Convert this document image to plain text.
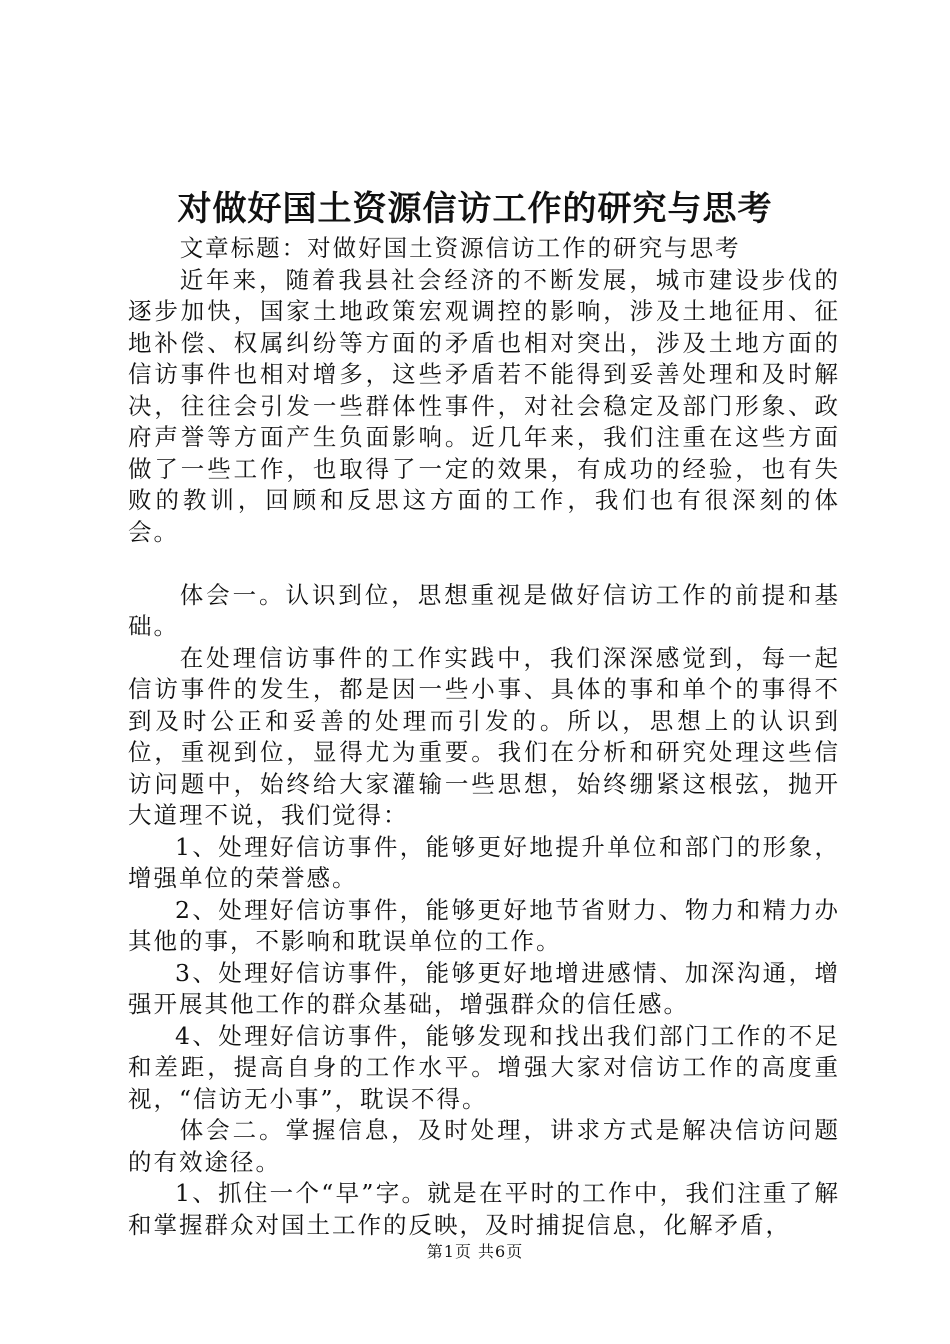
对做好国土资源信访工作的研究与思考

文章标题：对做好国土资源信访工作的研究与思考

近年来，随着我县社会经济的不断发展，城市建设步伐的逐步加快，国家土地政策宏观调控的影响，涉及土地征用、征地补偿、权属纠纷等方面的矛盾也相对突出，涉及土地方面的信访事件也相对增多，这些矛盾若不能得到妥善处理和及时解决，往往会引发一些群体性事件，对社会稳定及部门形象、政府声誉等方面产生负面影响。近几年来，我们注重在这些方面做了一些工作，也取得了一定的效果，有成功的经验，也有失败的教训，回顾和反思这方面的工作，我们也有很深刻的体会。

体会一。认识到位，思想重视是做好信访工作的前提和基础。

在处理信访事件的工作实践中，我们深深感觉到，每一起信访事件的发生，都是因一些小事、具体的事和单个的事得不到及时公正和妥善的处理而引发的。所以，思想上的认识到位，重视到位，显得尤为重要。我们在分析和研究处理这些信访问题中，始终给大家灌输一些思想，始终绷紧这根弦，抛开大道理不说，我们觉得：

1、处理好信访事件，能够更好地提升单位和部门的形象，增强单位的荣誉感。

2、处理好信访事件，能够更好地节省财力、物力和精力办其他的事，不影响和耽误单位的工作。

3、处理好信访事件，能够更好地增进感情、加深沟通，增强开展其他工作的群众基础，增强群众的信任感。

4、处理好信访事件，能够发现和找出我们部门工作的不足和差距，提高自身的工作水平。增强大家对信访工作的高度重视，“信访无小事”，耽误不得。

体会二。掌握信息，及时处理，讲求方式是解决信访问题的有效途径。

1、抓住一个“早”字。就是在平时的工作中，我们注重了解和掌握群众对国土工作的反映，及时捕捉信息，化解矛盾，

第1页 共6页
